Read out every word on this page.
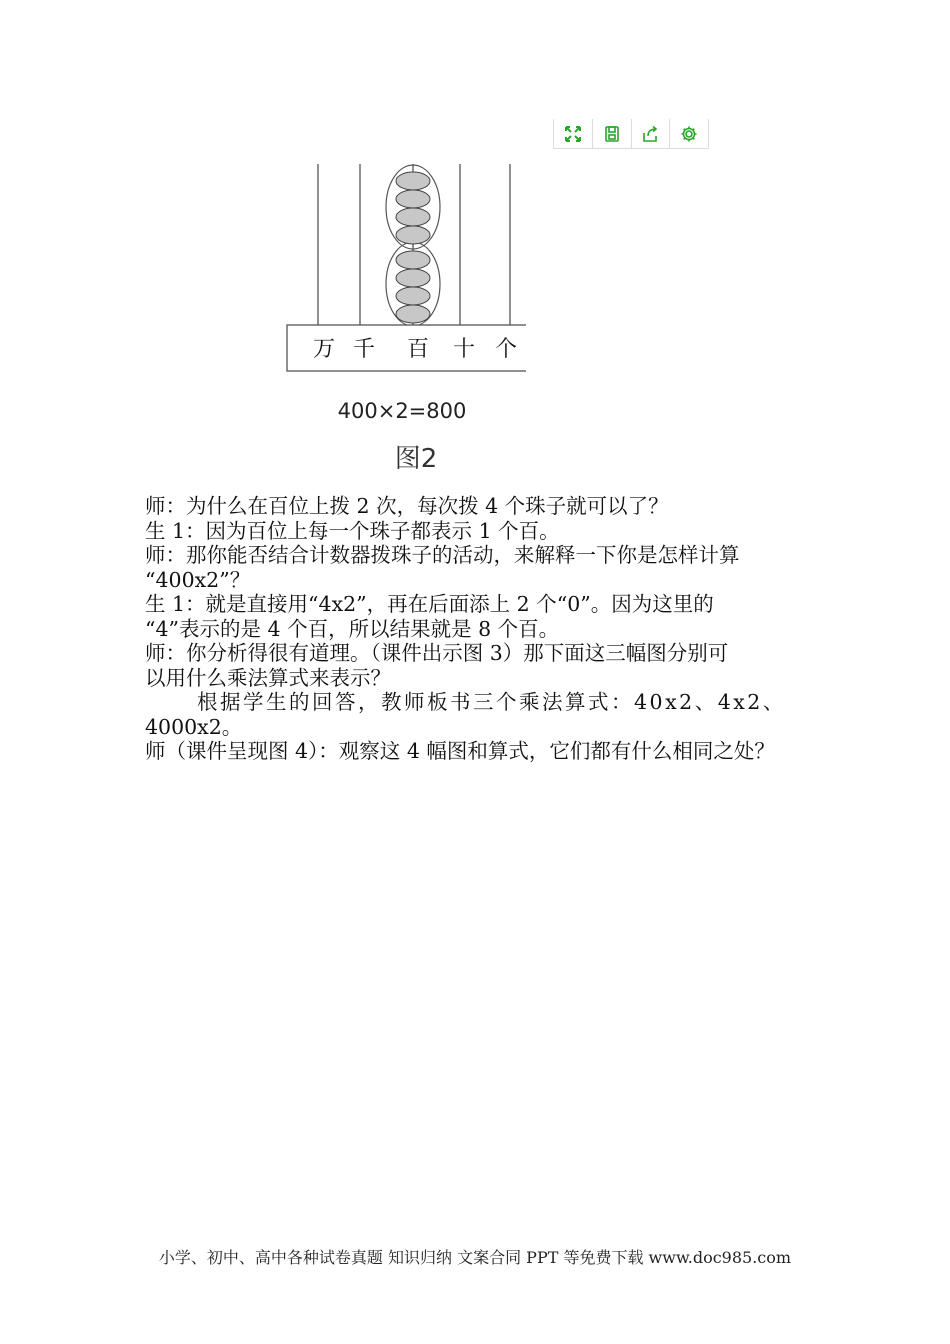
万 千 百 十 个
400×2=800
图2

师：为什么在百位上拨 2 次，每次拨 4 个珠子就可以了？

生 1：因为百位上每一个珠子都表示 1 个百。

师：那你能否结合计数器拨珠子的活动，来解释一下你是怎样计算

“400x2”？

生 1：就是直接用“4x2”，再在后面添上 2 个“0”。因为这里的

“4”表示的是 4 个百，所以结果就是 8 个百。

师：你分析得很有道理。（课件出示图 3）那下面这三幅图分别可

以用什么乘法算式来表示？

根据学生的回答，教师板书三个乘法算式：40x2、4x2、

4000x2。

师（课件呈现图 4）：观察这 4 幅图和算式，它们都有什么相同之处？

小学、初中、高中各种试卷真题 知识归纳 文案合同 PPT 等免费下载 www.doc985.com
